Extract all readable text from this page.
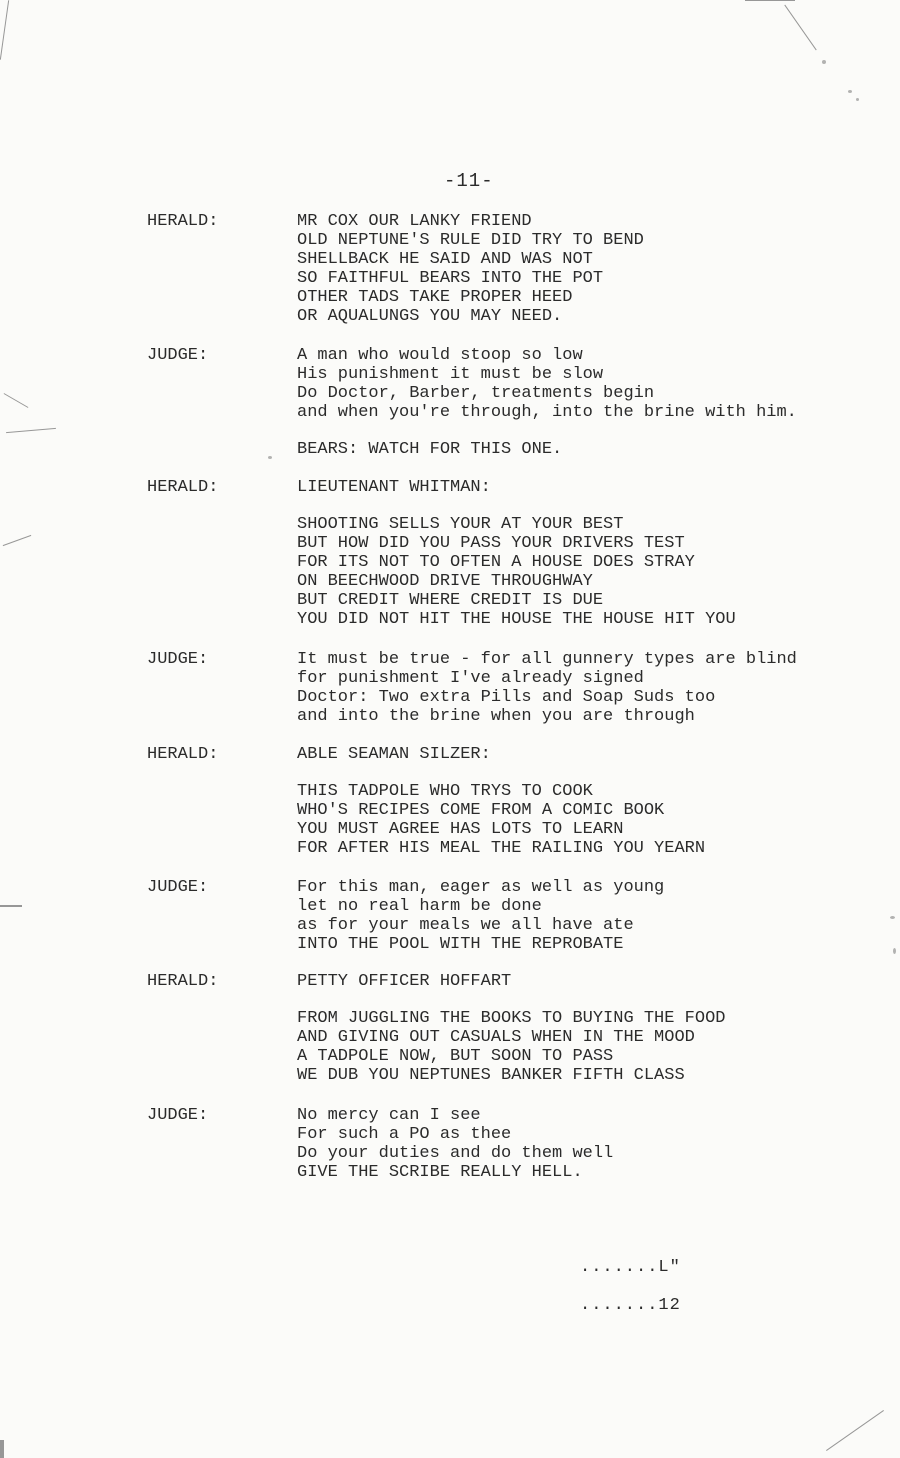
-11-
HERALD:	MR COX OUR LANKY FRIEND
OLD NEPTUNE'S RULE DID TRY TO BEND
SHELLBACK HE SAID AND WAS NOT
SO FAITHFUL BEARS INTO THE POT
OTHER TADS TAKE PROPER HEED
OR AQUALUNGS YOU MAY NEED.
JUDGE:	A man who would stoop so low
His punishment it must be slow
Do Doctor, Barber, treatments begin
and when you're through, into the brine with him.
BEARS: WATCH FOR THIS ONE.
HERALD:	LIEUTENANT WHITMAN:
SHOOTING SELLS YOUR AT YOUR BEST
BUT HOW DID YOU PASS YOUR DRIVERS TEST
FOR ITS NOT TO OFTEN A HOUSE DOES STRAY
ON BEECHWOOD DRIVE THROUGHWAY
BUT CREDIT WHERE CREDIT IS DUE
YOU DID NOT HIT THE HOUSE THE HOUSE HIT YOU
JUDGE:	It must be true - for all gunnery types are blind
for punishment I've already signed
Doctor: Two extra Pills and Soap Suds too
and into the brine when you are through
HERALD:	ABLE SEAMAN SILZER:
THIS TADPOLE WHO TRYS TO COOK
WHO'S RECIPES COME FROM A COMIC BOOK
YOU MUST AGREE HAS LOTS TO LEARN
FOR AFTER HIS MEAL THE RAILING YOU YEARN
JUDGE:	For this man, eager as well as young
let no real harm be done
as for your meals we all have ate
INTO THE POOL WITH THE REPROBATE
HERALD:	PETTY OFFICER HOFFART
FROM JUGGLING THE BOOKS TO BUYING THE FOOD
AND GIVING OUT CASUALS WHEN IN THE MOOD
A TADPOLE NOW, BUT SOON TO PASS
WE DUB YOU NEPTUNES BANKER FIFTH CLASS
JUDGE:	No mercy can I see
For such a PO as thee
Do your duties and do them well
GIVE THE SCRIBE REALLY HELL.
.......L"
.......12
